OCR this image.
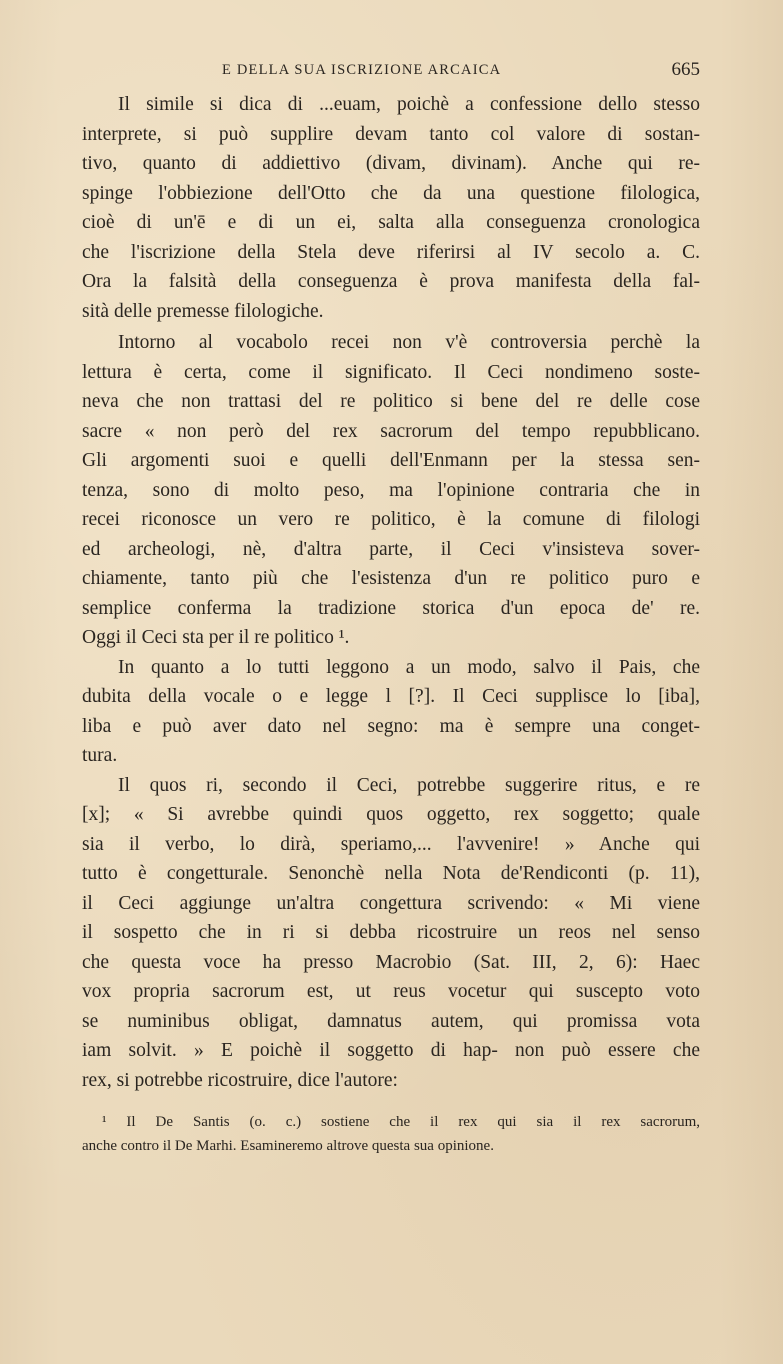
E DELLA SUA ISCRIZIONE ARCAICA	665
Il simile si dica di ...euam, poichè a confessione dello stesso
interprete, si può supplire devam tanto col valore di sostan-
tivo, quanto di addiettivo (divam, divinam). Anche qui re-
spinge l'obbiezione dell'Otto che da una questione filologica,
cioè di un'ē e di un ei, salta alla conseguenza cronologica
che l'iscrizione della Stela deve riferirsi al IV secolo a. C.
Ora la falsità della conseguenza è prova manifesta della fal-
sità delle premesse filologiche.
Intorno al vocabolo recei non v'è controversia perchè la
lettura è certa, come il significato. Il Ceci nondimeno soste-
neva che non trattasi del re politico si bene del re delle cose
sacre « non però del rex sacrorum del tempo repubblicano.
Gli argomenti suoi e quelli dell'Enmann per la stessa sen-
tenza, sono di molto peso, ma l'opinione contraria che in
recei riconosce un vero re politico, è la comune di filologi
ed archeologi, nè, d'altra parte, il Ceci v'insisteva sover-
chiamente, tanto più che l'esistenza d'un re politico puro e
semplice conferma la tradizione storica d'un epoca de' re.
Oggi il Ceci sta per il re politico ¹.
In quanto a lo tutti leggono a un modo, salvo il Pais, che
dubita della vocale o e legge l [?]. Il Ceci supplisce lo [iba],
liba e può aver dato nel segno: ma è sempre una conget-
tura.
Il quos ri, secondo il Ceci, potrebbe suggerire ritus, e re
[x]; « Si avrebbe quindi quos oggetto, rex soggetto; quale
sia il verbo, lo dirà, speriamo,... l'avvenire! » Anche qui
tutto è congetturale. Senonchè nella Nota de'Rendiconti (p. 11),
il Ceci aggiunge un'altra congettura scrivendo: « Mi viene
il sospetto che in ri si debba ricostruire un reos nel senso
che questa voce ha presso Macrobio (Sat. III, 2, 6): Haec
vox propria sacrorum est, ut reus vocetur qui suscepto voto
se numinibus obligat, damnatus autem, qui promissa vota
iam solvit. » E poichè il soggetto di hap- non può essere che
rex, si potrebbe ricostruire, dice l'autore:
¹ Il De Santis (o. c.) sostiene che il rex qui sia il rex sacrorum,
anche contro il De Marhi. Esamineremo altrove questa sua opinione.
